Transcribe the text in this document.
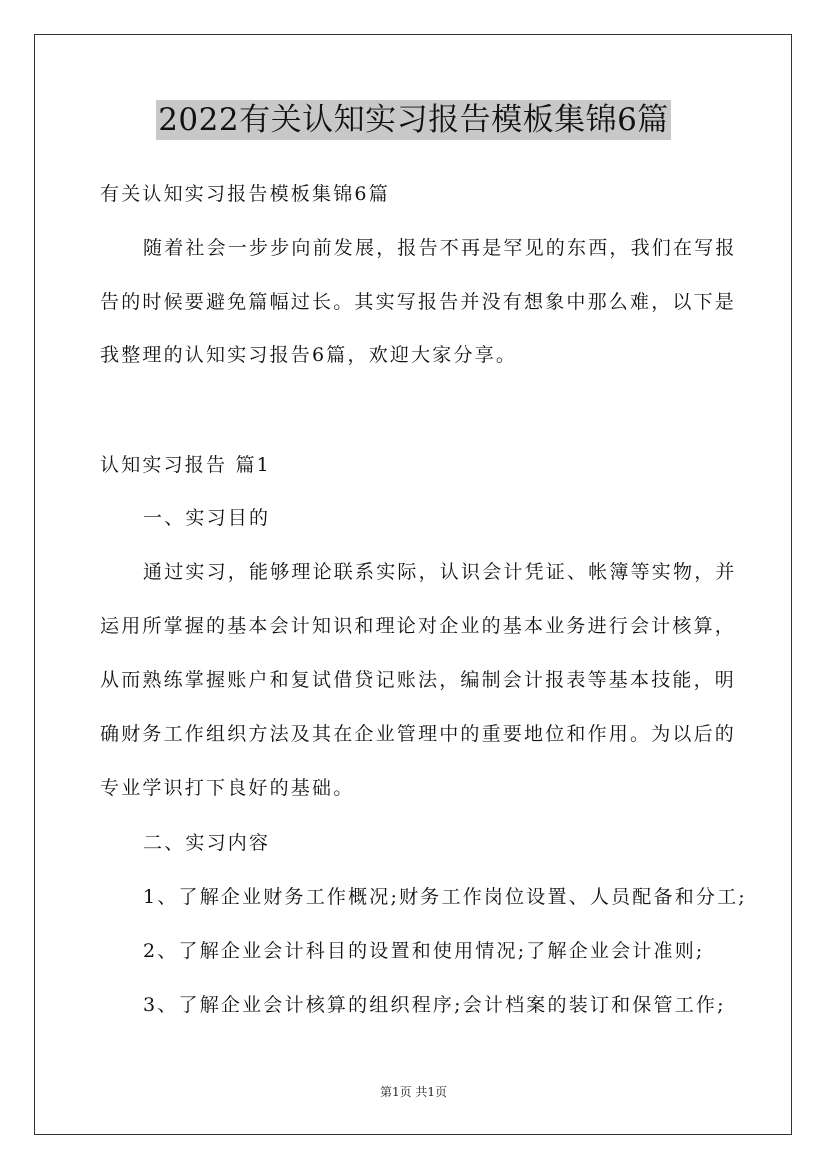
2022有关认知实习报告模板集锦6篇
有关认知实习报告模板集锦6篇
随着社会一步步向前发展，报告不再是罕见的东西，我们在写报
告的时候要避免篇幅过长。其实写报告并没有想象中那么难，以下是
我整理的认知实习报告6篇，欢迎大家分享。
认知实习报告 篇1
一、实习目的
通过实习，能够理论联系实际，认识会计凭证、帐簿等实物，并
运用所掌握的基本会计知识和理论对企业的基本业务进行会计核算，
从而熟练掌握账户和复试借贷记账法，编制会计报表等基本技能，明
确财务工作组织方法及其在企业管理中的重要地位和作用。为以后的
专业学识打下良好的基础。
二、实习内容
1、了解企业财务工作概况;财务工作岗位设置、人员配备和分工;
2、了解企业会计科目的设置和使用情况;了解企业会计准则;
3、了解企业会计核算的组织程序;会计档案的装订和保管工作;
第1页 共1页
